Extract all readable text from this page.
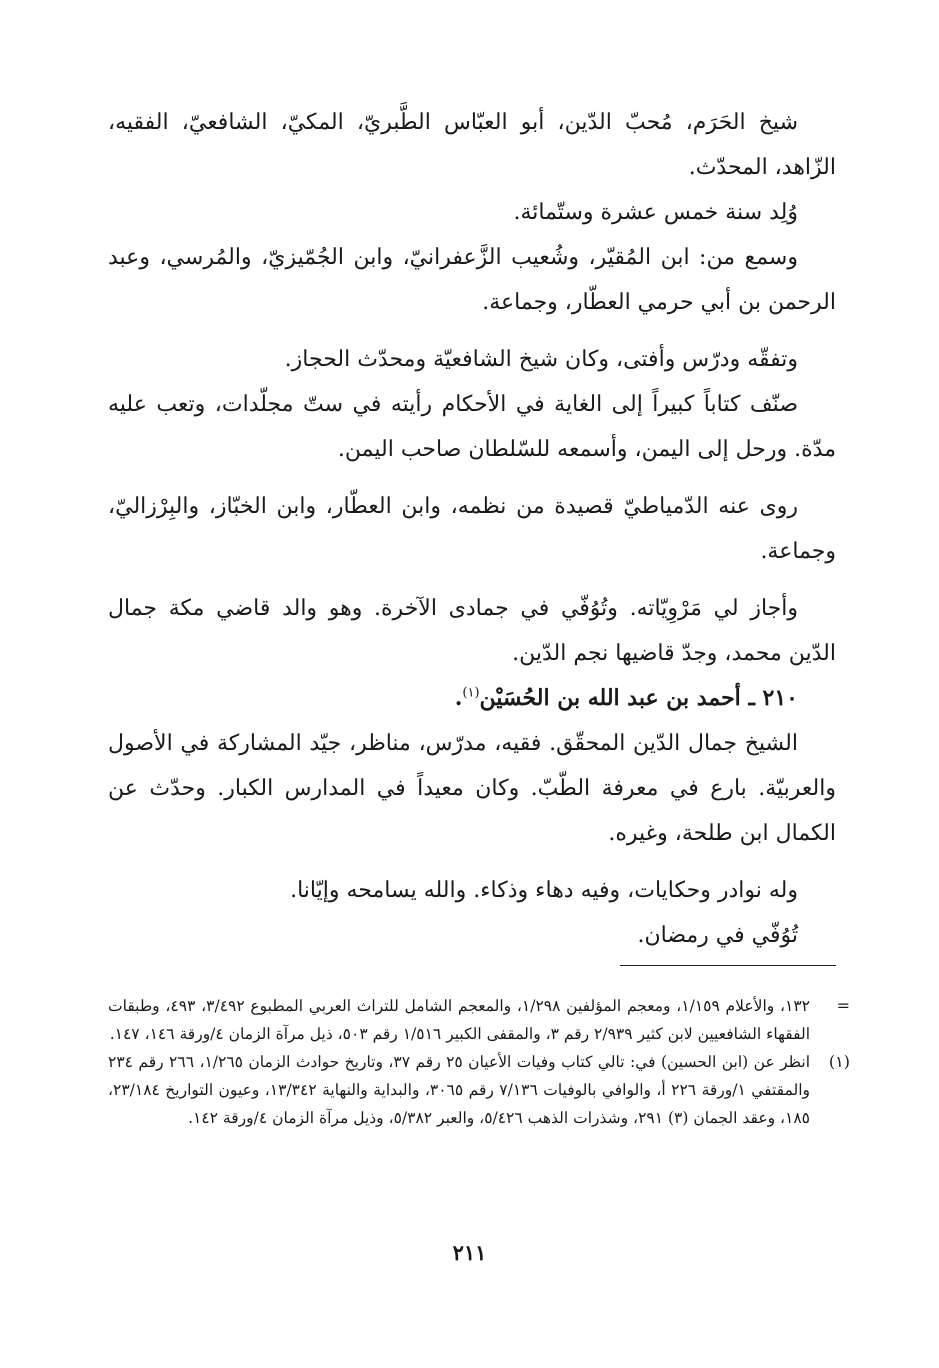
شيخ الحَرَم، مُحبّ الدّين، أبو العبّاس الطَّبريّ، المكيّ، الشافعيّ، الفقيه، الزّاهد، المحدّث.

وُلِد سنة خمس عشرة وستّمائة.

وسمع من: ابن المُقيّر، وشُعيب الزَّعفرانيّ، وابن الجُمّيزيّ، والمُرسي، وعبد الرحمن بن أبي حرمي العطّار، وجماعة.

وتفقّه ودرّس وأفتى، وكان شيخ الشافعيّة ومحدّث الحجاز.

صنّف كتاباً كبيراً إلى الغاية في الأحكام رأيته في ستّ مجلّدات، وتعب عليه مدّة. ورحل إلى اليمن، وأسمعه للسّلطان صاحب اليمن.

روى عنه الدّمياطيّ قصيدة من نظمه، وابن العطّار، وابن الخبّاز، والبِرْزاليّ، وجماعة.

وأجاز لي مَرْوِيّاته. وتُوُفّي في جمادى الآخرة. وهو والد قاضي مكة جمال الدّين محمد، وجدّ قاضيها نجم الدّين.

٢١٠ ـ أحمد بن عبد الله بن الحُسَيْن$^{(١)}$.

الشيخ جمال الدّين المحقّق. فقيه، مدرّس، مناظر، جيّد المشاركة في الأصول والعربيّة. بارع في معرفة الطّبّ. وكان معيداً في المدارس الكبار. وحدّث عن الكمال ابن طلحة، وغيره.

وله نوادر وحكايات، وفيه دهاء وذكاء. والله يسامحه وإيّانا.

تُوُفّي في رمضان.

=
١٣٢، والأعلام ١/١٥٩، ومعجم المؤلفين ١/٢٩٨، والمعجم الشامل للتراث العربي المطبوع ٣/٤٩٢، ٤٩٣، وطبقات الفقهاء الشافعيين لابن كثير ٢/٩٣٩ رقم ٣، والمقفى الكبير ١/٥١٦ رقم ٥٠٣، ذيل مرآة الزمان ٤/ورقة ١٤٦، ١٤٧.
(١)
انظر عن (ابن الحسين) في: تالي كتاب وفيات الأعيان ٢٥ رقم ٣٧، وتاريخ حوادث الزمان ١/٢٦٥، ٢٦٦ رقم ٢٣٤ والمقتفي ١/ورقة ٢٢٦ أ، والوافي بالوفيات ٧/١٣٦ رقم ٣٠٦٥، والبداية والنهاية ١٣/٣٤٢، وعيون التواريخ ٢٣/١٨٤، ١٨٥، وعقد الجمان (٣) ٢٩١، وشذرات الذهب ٥/٤٢٦، والعبر ٥/٣٨٢، وذيل مرآة الزمان ٤/ورقة ١٤٢.
٢١١
